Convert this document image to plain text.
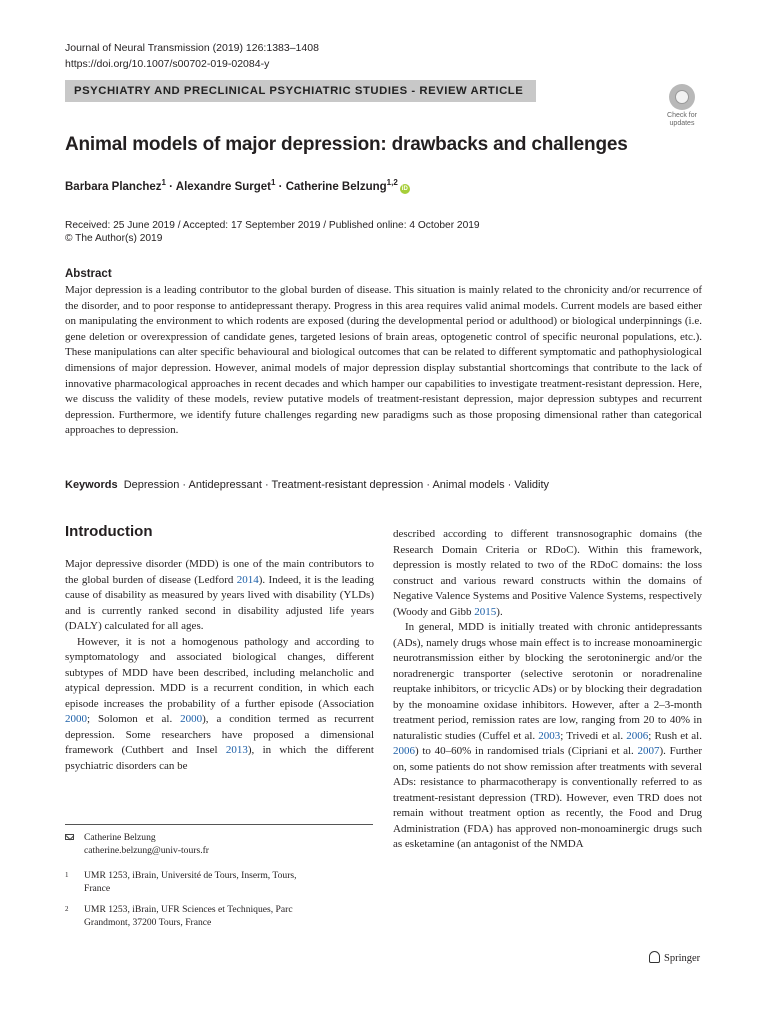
Journal of Neural Transmission (2019) 126:1383–1408
https://doi.org/10.1007/s00702-019-02084-y
PSYCHIATRY AND PRECLINICAL PSYCHIATRIC STUDIES - REVIEW ARTICLE
Check for
updates
Animal models of major depression: drawbacks and challenges
Barbara Planchez$^1$ · Alexandre Surget$^1$ · Catherine Belzung$^{1,2}$iD
Received: 25 June 2019 / Accepted: 17 September 2019 / Published online: 4 October 2019
© The Author(s) 2019
Abstract
Major depression is a leading contributor to the global burden of disease. This situation is mainly related to the chronicity and/or recurrence of the disorder, and to poor response to antidepressant therapy. Progress in this area requires valid animal models. Current models are based either on manipulating the environment to which rodents are exposed (during the developmental period or adulthood) or biological underpinnings (i.e. gene deletion or overexpression of candidate genes, targeted lesions of brain areas, optogenetic control of specific neuronal populations, etc.). These manipulations can alter specific behavioural and biological outcomes that can be related to different symptomatic and pathophysiological dimensions of major depression. However, animal models of major depression display substantial shortcomings that contribute to the lack of innovative pharmacological approaches in recent decades and which hamper our capabilities to investigate treatment-resistant depression. Here, we discuss the validity of these models, review putative models of treatment-resistant depression, major depression subtypes and recurrent depression. Furthermore, we identify future challenges regarding new paradigms such as those proposing dimensional rather than categorical approaches to depression.
Keywords Depression · Antidepressant · Treatment-resistant depression · Animal models · Validity
Introduction

Major depressive disorder (MDD) is one of the main contributors to the global burden of disease (Ledford 2014). Indeed, it is the leading cause of disability as measured by years lived with disability (YLDs) and is currently ranked second in disability adjusted life years (DALY) calculated for all ages.

However, it is not a homogenous pathology and according to symptomatology and associated biological changes, different subtypes of MDD have been described, including melancholic and atypical depression. MDD is a recurrent condition, in which each episode increases the probability of a further episode (Association 2000; Solomon et al. 2000), a condition termed as recurrent depression. Some researchers have proposed a dimensional framework (Cuthbert and Insel 2013), in which the different psychiatric disorders can be

described according to different transnosographic domains (the Research Domain Criteria or RDoC). Within this framework, depression is mostly related to two of the RDoC domains: the loss construct and various reward constructs within the domains of Negative Valence Systems and Positive Valence Systems, respectively (Woody and Gibb 2015).

In general, MDD is initially treated with chronic antidepressants (ADs), namely drugs whose main effect is to increase monoaminergic neurotransmission either by blocking the serotoninergic and/or the noradrenergic transporter (selective serotonin or noradrenaline reuptake inhibitors, or tricyclic ADs) or by blocking their degradation by the monoamine oxidase inhibitors. However, after a 2–3-month treatment period, remission rates are low, ranging from 20 to 40% in naturalistic studies (Cuffel et al. 2003; Trivedi et al. 2006; Rush et al. 2006) to 40–60% in randomised trials (Cipriani et al. 2007). Further on, some patients do not show remission after treatments with several ADs: resistance to pharmacotherapy is conventionally referred to as treatment-resistant depression (TRD). However, even TRD does not remain without treatment option as recently, the Food and Drug Administration (FDA) has approved non-monoaminergic drugs such as esketamine (an antagonist of the NMDA

Catherine Belzung
catherine.belzung@univ-tours.fr
1	UMR 1253, iBrain, Université de Tours, Inserm, Tours,
France
2	UMR 1253, iBrain, UFR Sciences et Techniques, Parc
Grandmont, 37200 Tours, France
Springer
